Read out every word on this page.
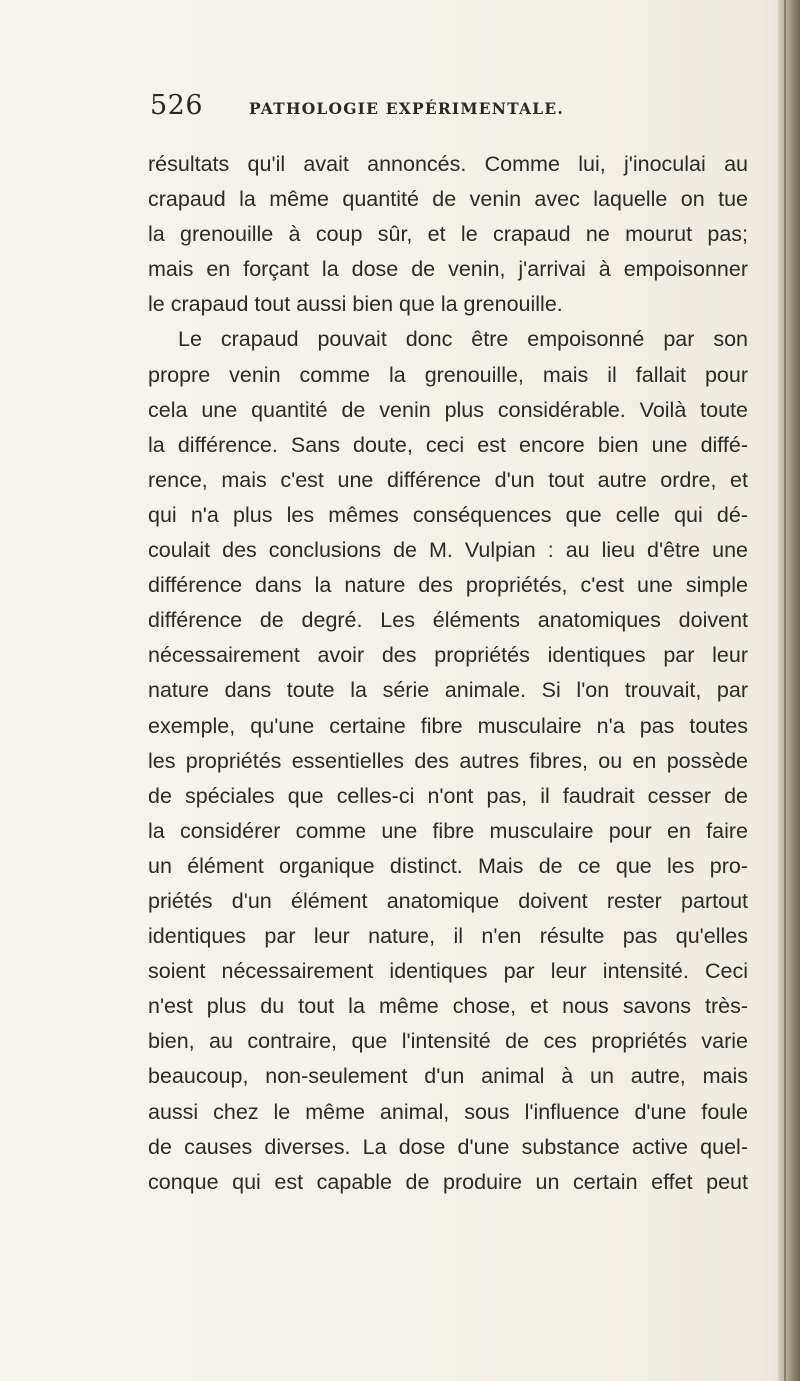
526	PATHOLOGIE EXPÉRIMENTALE.
résultats qu'il avait annoncés. Comme lui, j'inoculai au
crapaud la même quantité de venin avec laquelle on tue
la grenouille à coup sûr, et le crapaud ne mourut pas;
mais en forçant la dose de venin, j'arrivai à empoisonner
le crapaud tout aussi bien que la grenouille.
Le crapaud pouvait donc être empoisonné par son
propre venin comme la grenouille, mais il fallait pour
cela une quantité de venin plus considérable. Voilà toute
la différence. Sans doute, ceci est encore bien une diffé-
rence, mais c'est une différence d'un tout autre ordre, et
qui n'a plus les mêmes conséquences que celle qui dé-
coulait des conclusions de M. Vulpian : au lieu d'être une
différence dans la nature des propriétés, c'est une simple
différence de degré. Les éléments anatomiques doivent
nécessairement avoir des propriétés identiques par leur
nature dans toute la série animale. Si l'on trouvait, par
exemple, qu'une certaine fibre musculaire n'a pas toutes
les propriétés essentielles des autres fibres, ou en possède
de spéciales que celles-ci n'ont pas, il faudrait cesser de
la considérer comme une fibre musculaire pour en faire
un élément organique distinct. Mais de ce que les pro-
priétés d'un élément anatomique doivent rester partout
identiques par leur nature, il n'en résulte pas qu'elles
soient nécessairement identiques par leur intensité. Ceci
n'est plus du tout la même chose, et nous savons très-
bien, au contraire, que l'intensité de ces propriétés varie
beaucoup, non-seulement d'un animal à un autre, mais
aussi chez le même animal, sous l'influence d'une foule
de causes diverses. La dose d'une substance active quel-
conque qui est capable de produire un certain effet peut
